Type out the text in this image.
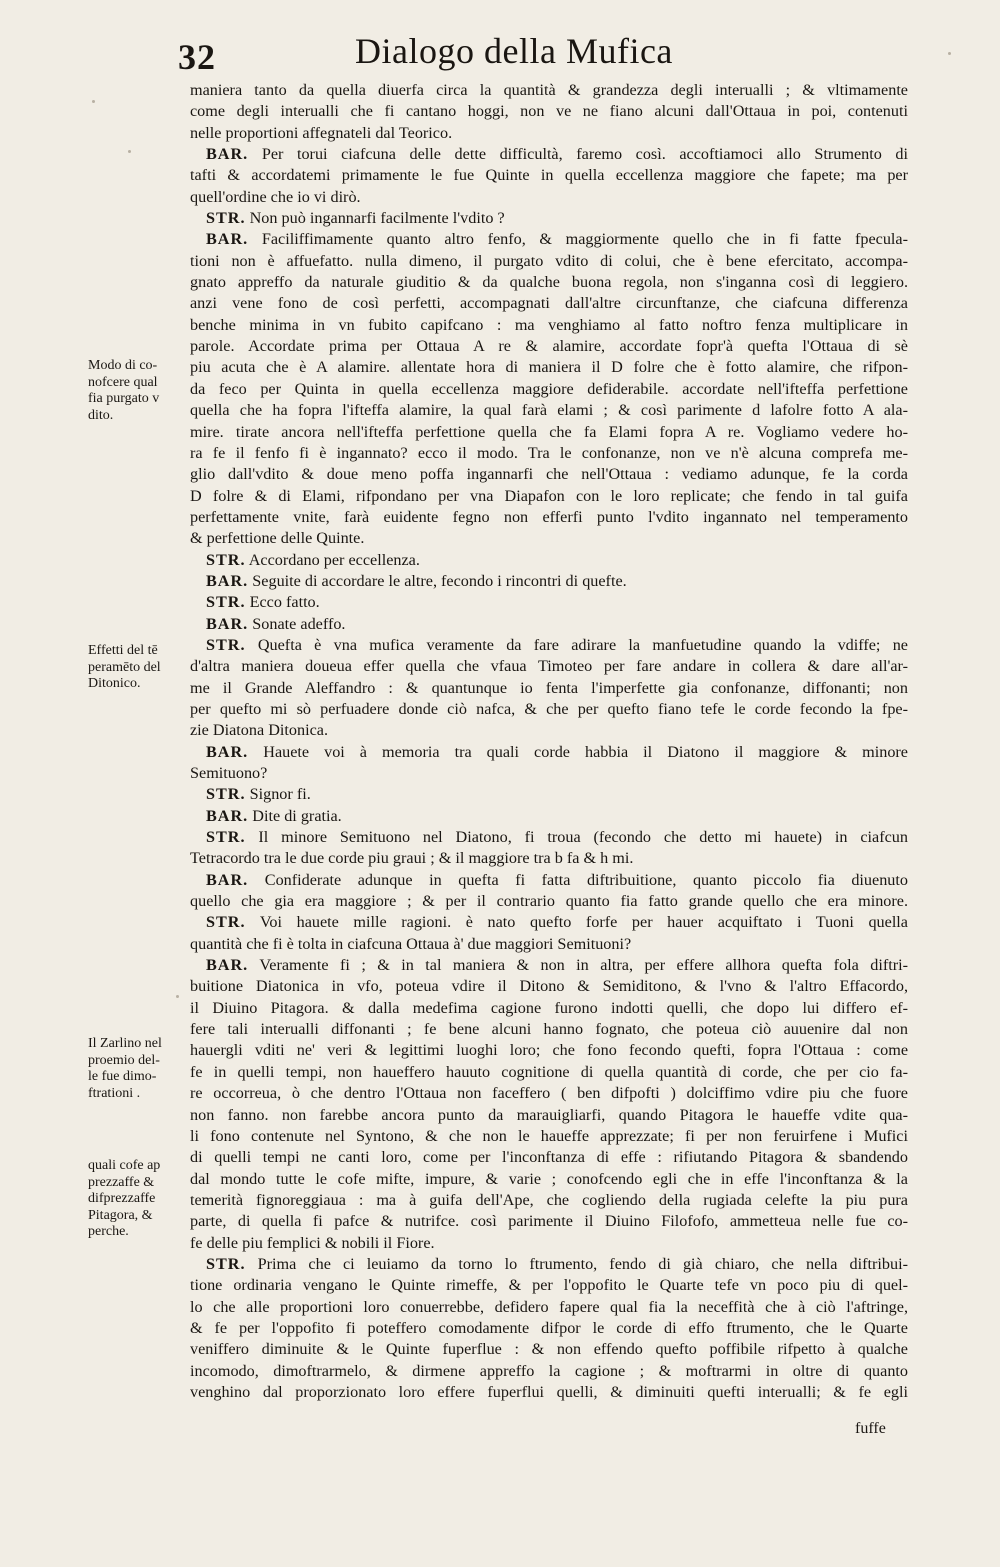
32	Dialogo della Mufica
maniera tanto da quella diuerfa circa la quantità & grandezza degli interualli ; & vltimamente
come degli interualli che fi cantano hoggi, non ve ne fiano alcuni dall'Ottaua in poi, contenuti
nelle proportioni affegnateli dal Teorico.
BAR. Per torui ciafcuna delle dette difficultà, faremo così. accoftiamoci allo Strumento di
tafti & accordatemi primamente le fue Quinte in quella eccellenza maggiore che fapete; ma per
quell'ordine che io vi dirò.
STR. Non può ingannarfi facilmente l'vdito ?
BAR. Faciliffimamente quanto altro fenfo, & maggiormente quello che in fi fatte fpecula-
tioni non è affuefatto. nulla dimeno, il purgato vdito di colui, che è bene efercitato, accompa-
gnato appreffo da naturale giuditio & da qualche buona regola, non s'inganna così di leggiero.
anzi vene fono de così perfetti, accompagnati dall'altre circunftanze, che ciafcuna differenza
benche minima in vn fubito capifcano : ma venghiamo al fatto noftro fenza multiplicare in
parole. Accordate prima per Ottaua A re & alamire, accordate fopr'à quefta l'Ottaua di sè
piu acuta che è A alamire. allentate hora di maniera il D folre che è fotto alamire, che rifpon-
da feco per Quinta in quella eccellenza maggiore defiderabile. accordate nell'ifteffa perfettione
quella che ha fopra l'ifteffa alamire, la qual farà elami ; & così parimente d lafolre fotto A ala-
mire. tirate ancora nell'ifteffa perfettione quella che fa Elami fopra A re. Vogliamo vedere ho-
ra fe il fenfo fi è ingannato? ecco il modo. Tra le confonanze, non ve n'è alcuna comprefa me-
glio dall'vdito & doue meno poffa ingannarfi che nell'Ottaua : vediamo adunque, fe la corda
D folre & di Elami, rifpondano per vna Diapafon con le loro replicate; che fendo in tal guifa
perfettamente vnite, farà euidente fegno non efferfi punto l'vdito ingannato nel temperamento
& perfettione delle Quinte.
STR. Accordano per eccellenza.
BAR. Seguite di accordare le altre, fecondo i rincontri di quefte.
STR. Ecco fatto.
BAR. Sonate adeffo.
STR. Quefta è vna mufica veramente da fare adirare la manfuetudine quando la vdiffe; ne
d'altra maniera doueua effer quella che vfaua Timoteo per fare andare in collera & dare all'ar-
me il Grande Aleffandro : & quantunque io fenta l'imperfette gia confonanze, diffonanti; non
per quefto mi sò perfuadere donde ciò nafca, & che per quefto fiano tefe le corde fecondo la fpe-
zie Diatona Ditonica.
BAR. Hauete voi à memoria tra quali corde habbia il Diatono il maggiore & minore
Semituono?
STR. Signor fi.
BAR. Dite di gratia.
STR. Il minore Semituono nel Diatono, fi troua (fecondo che detto mi hauete) in ciafcun
Tetracordo tra le due corde piu graui ; & il maggiore tra b fa & h mi.
BAR. Confiderate adunque in quefta fi fatta diftribuitione, quanto piccolo fia diuenuto
quello che gia era maggiore ; & per il contrario quanto fia fatto grande quello che era minore.
STR. Voi hauete mille ragioni. è nato quefto forfe per hauer acquiftato i Tuoni quella
quantità che fi è tolta in ciafcuna Ottaua à' due maggiori Semituoni?
BAR. Veramente fi ; & in tal maniera & non in altra, per effere allhora quefta fola diftri-
buitione Diatonica in vfo, poteua vdire il Ditono & Semiditono, & l'vno & l'altro Effacordo,
il Diuino Pitagora. & dalla medefima cagione furono indotti quelli, che dopo lui differo ef-
fere tali interualli diffonanti ; fe bene alcuni hanno fognato, che poteua ciò auuenire dal non
hauergli vditi ne' veri & legittimi luoghi loro; che fono fecondo quefti, fopra l'Ottaua : come
fe in quelli tempi, non haueffero hauuto cognitione di quella quantità di corde, che per cio fa-
re occorreua, ò che dentro l'Ottaua non faceffero ( ben difpofti ) dolciffimo vdire piu che fuore
non fanno. non farebbe ancora punto da marauigliarfi, quando Pitagora le haueffe vdite qua-
li fono contenute nel Syntono, & che non le haueffe apprezzate; fi per non feruirfene i Mufici
di quelli tempi ne canti loro, come per l'inconftanza di effe : rifiutando Pitagora & sbandendo
dal mondo tutte le cofe mifte, impure, & varie ; conofcendo egli che in effe l'inconftanza & la
temerità fignoreggiaua : ma à guifa dell'Ape, che cogliendo della rugiada celefte la piu pura
parte, di quella fi pafce & nutrifce. così parimente il Diuino Filofofo, ammetteua nelle fue co-
fe delle piu femplici & nobili il Fiore.
STR. Prima che ci leuiamo da torno lo ftrumento, fendo di già chiaro, che nella diftribui-
tione ordinaria vengano le Quinte rimeffe, & per l'oppofito le Quarte tefe vn poco piu di quel-
lo che alle proportioni loro conuerrebbe, defidero fapere qual fia la neceffità che à ciò l'aftringe,
& fe per l'oppofito fi poteffero comodamente difpor le corde di effo ftrumento, che le Quarte
veniffero diminuite & le Quinte fuperflue : & non effendo quefto poffibile rifpetto à qualche
incomodo, dimoftrarmelo, & dirmene appreffo la cagione ; & moftrarmi in oltre di quanto
venghino dal proporzionato loro effere fuperflui quelli, & diminuiti quefti interualli; & fe egli
Modo di co-
nofcere qual
fia purgato v
dito.
Effetti del tē
peramēto del
Ditonico.
Il Zarlino nel
proemio del-
le fue dimo-
ftrationi .
quali cofe ap
prezzaffe &
difprezzaffe
Pitagora, &
perche.
fuffe
